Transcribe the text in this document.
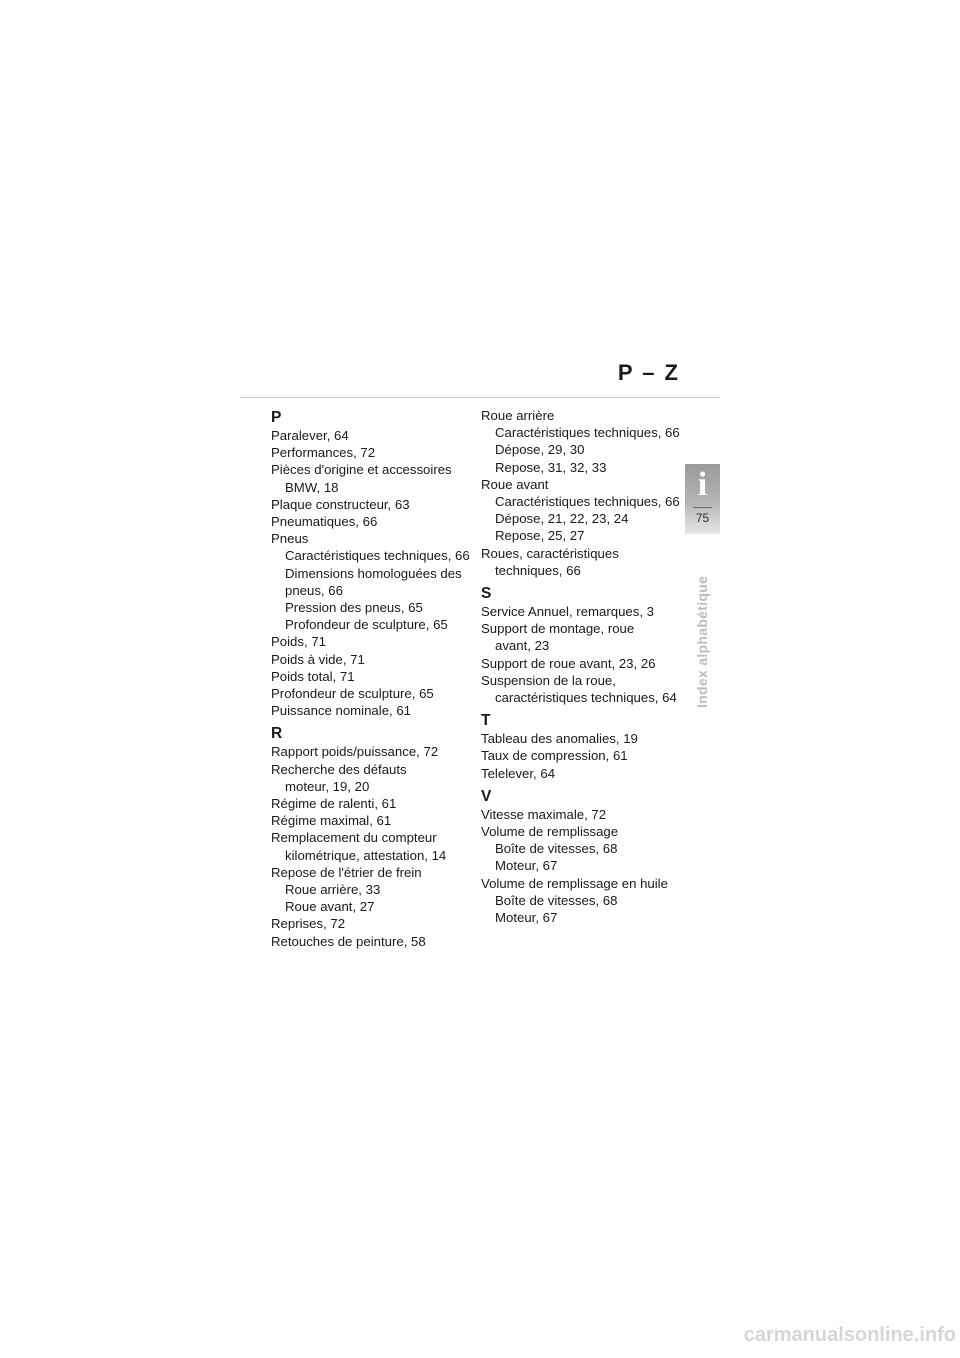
P – Z
P
Paralever, 64
Performances, 72
Pièces d'origine et accessoires
BMW, 18
Plaque constructeur, 63
Pneumatiques, 66
Pneus
Caractéristiques techniques, 66
Dimensions homologuées des
pneus, 66
Pression des pneus, 65
Profondeur de sculpture, 65
Poids, 71
Poids à vide, 71
Poids total, 71
Profondeur de sculpture, 65
Puissance nominale, 61
R
Rapport poids/puissance, 72
Recherche des défauts
moteur, 19, 20
Régime de ralenti, 61
Régime maximal, 61
Remplacement du compteur
kilométrique, attestation, 14
Repose de l'étrier de frein
Roue arrière, 33
Roue avant, 27
Reprises, 72
Retouches de peinture, 58
Roue arrière
Caractéristiques techniques, 66
Dépose, 29, 30
Repose, 31, 32, 33
Roue avant
Caractéristiques techniques, 66
Dépose, 21, 22, 23, 24
Repose, 25, 27
Roues, caractéristiques
techniques, 66
S
Service Annuel, remarques, 3
Support de montage, roue
avant, 23
Support de roue avant, 23, 26
Suspension de la roue,
caractéristiques techniques, 64
T
Tableau des anomalies, 19
Taux de compression, 61
Telelever, 64
V
Vitesse maximale, 72
Volume de remplissage
Boîte de vitesses, 68
Moteur, 67
Volume de remplissage en huile
Boîte de vitesses, 68
Moteur, 67
i
75
Index alphabétique
carmanualsonline.info
